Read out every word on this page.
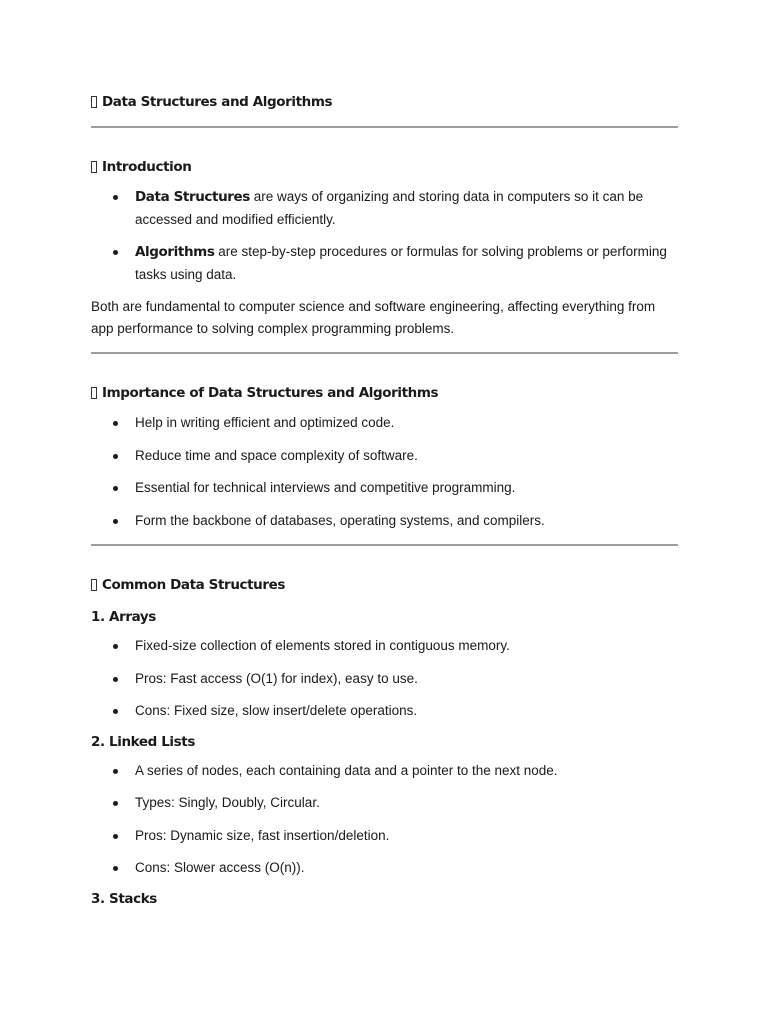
Data Structures and Algorithms
Introduction
Data Structures are ways of organizing and storing data in computers so it can be accessed and modified efficiently.
Algorithms are step-by-step procedures or formulas for solving problems or performing tasks using data.
Both are fundamental to computer science and software engineering, affecting everything from app performance to solving complex programming problems.
Importance of Data Structures and Algorithms
Help in writing efficient and optimized code.
Reduce time and space complexity of software.
Essential for technical interviews and competitive programming.
Form the backbone of databases, operating systems, and compilers.
Common Data Structures
1. Arrays
Fixed-size collection of elements stored in contiguous memory.
Pros: Fast access (O(1) for index), easy to use.
Cons: Fixed size, slow insert/delete operations.
2. Linked Lists
A series of nodes, each containing data and a pointer to the next node.
Types: Singly, Doubly, Circular.
Pros: Dynamic size, fast insertion/deletion.
Cons: Slower access (O(n)).
3. Stacks
